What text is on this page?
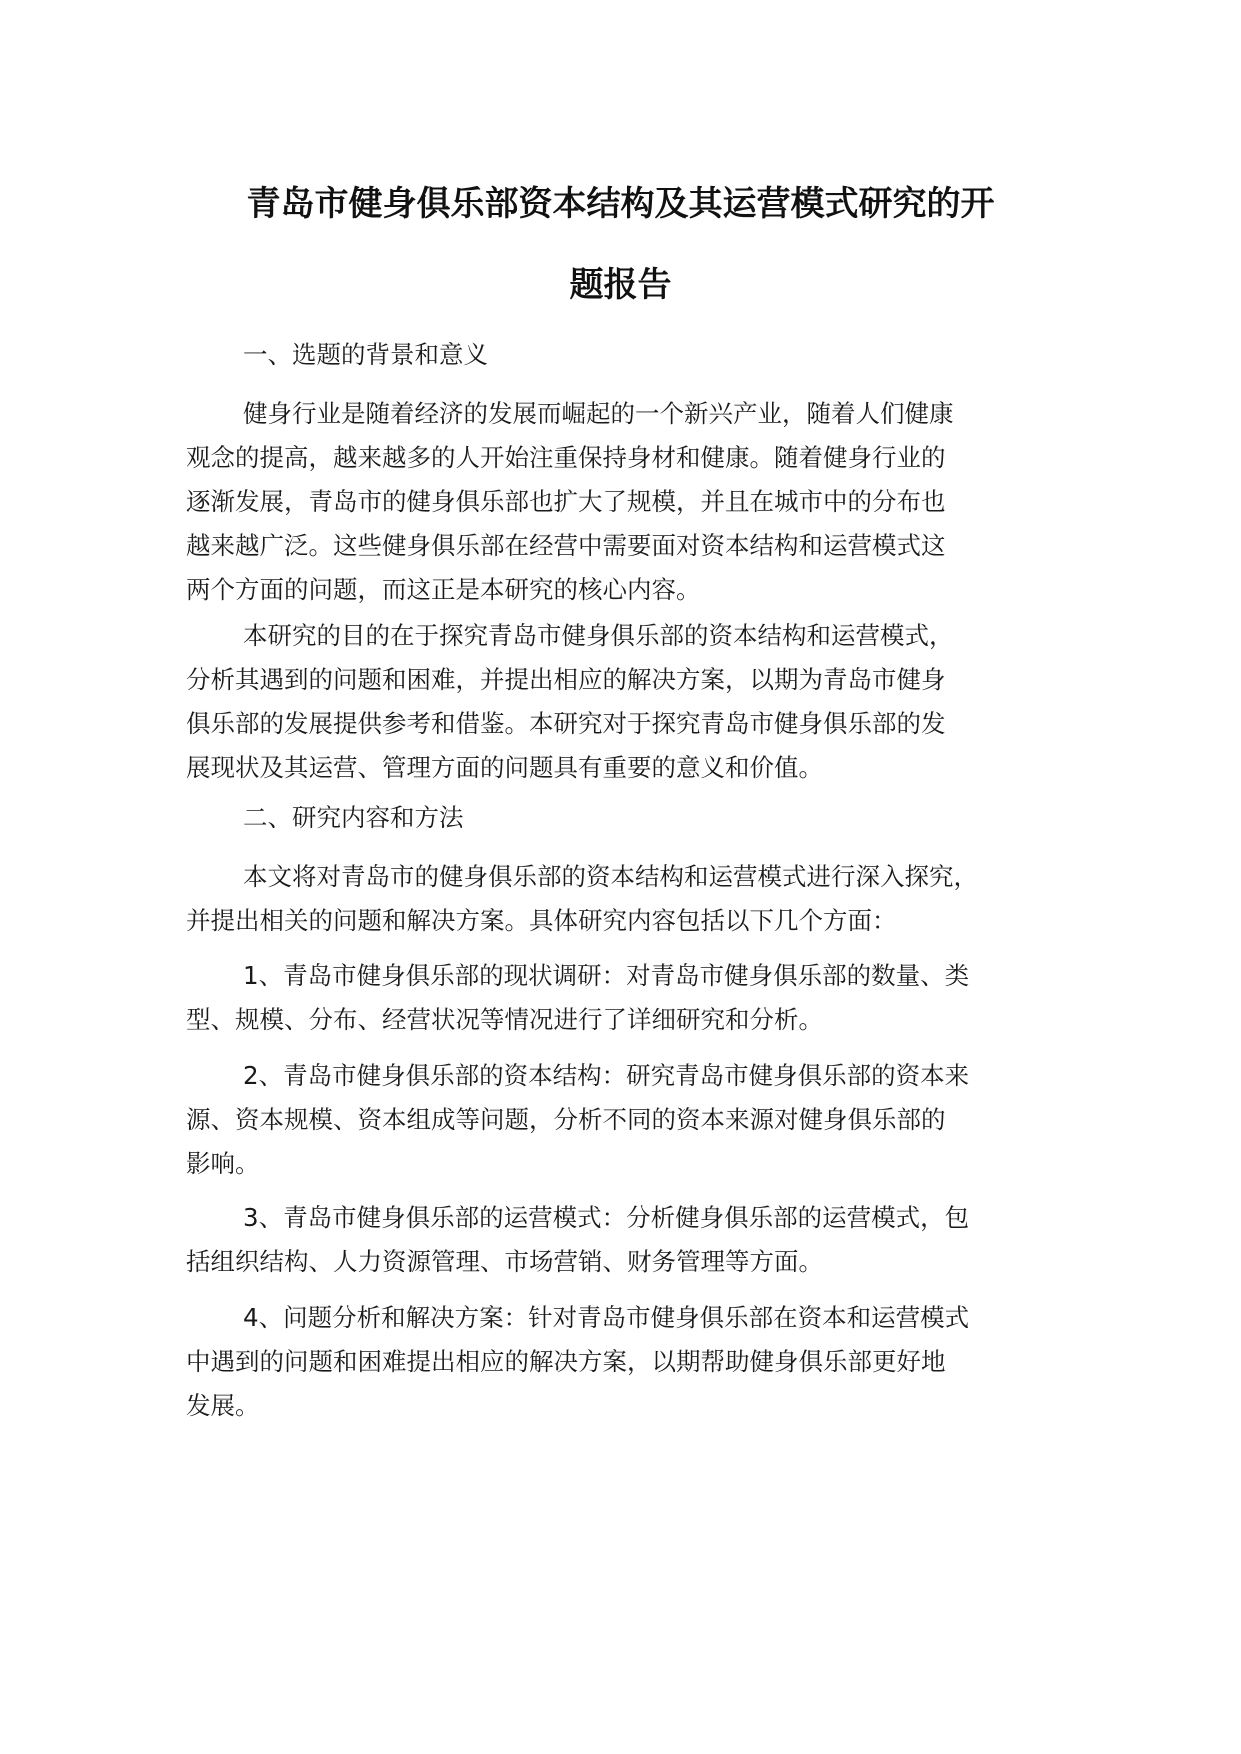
青岛市健身俱乐部资本结构及其运营模式研究的开
题报告
一、选题的背景和意义
健身行业是随着经济的发展而崛起的一个新兴产业，随着人们健康
观念的提高，越来越多的人开始注重保持身材和健康。随着健身行业的
逐渐发展，青岛市的健身俱乐部也扩大了规模，并且在城市中的分布也
越来越广泛。这些健身俱乐部在经营中需要面对资本结构和运营模式这
两个方面的问题，而这正是本研究的核心内容。
本研究的目的在于探究青岛市健身俱乐部的资本结构和运营模式，
分析其遇到的问题和困难，并提出相应的解决方案，以期为青岛市健身
俱乐部的发展提供参考和借鉴。本研究对于探究青岛市健身俱乐部的发
展现状及其运营、管理方面的问题具有重要的意义和价值。
二、研究内容和方法
本文将对青岛市的健身俱乐部的资本结构和运营模式进行深入探究，
并提出相关的问题和解决方案。具体研究内容包括以下几个方面：
1、青岛市健身俱乐部的现状调研：对青岛市健身俱乐部的数量、类
型、规模、分布、经营状况等情况进行了详细研究和分析。
2、青岛市健身俱乐部的资本结构：研究青岛市健身俱乐部的资本来
源、资本规模、资本组成等问题，分析不同的资本来源对健身俱乐部的
影响。
3、青岛市健身俱乐部的运营模式：分析健身俱乐部的运营模式，包
括组织结构、人力资源管理、市场营销、财务管理等方面。
4、问题分析和解决方案：针对青岛市健身俱乐部在资本和运营模式
中遇到的问题和困难提出相应的解决方案，以期帮助健身俱乐部更好地
发展。
